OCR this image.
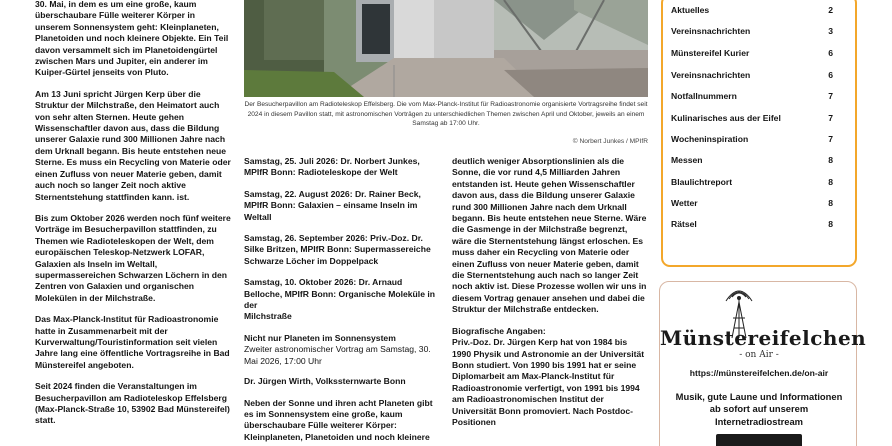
30. Mai, in dem es um eine große, kaum überschaubare Fülle weiterer Körper in unserem Sonnensystem geht: Kleinplaneten, Planetoiden und noch kleinere Objekte. Ein Teil davon versammelt sich im Planetoidengürtel zwischen Mars und Jupiter, ein anderer im Kuiper-Gürtel jenseits von Pluto.

Am 13 Juni spricht Jürgen Kerp über die Struktur der Milchstraße, den Heimatort auch von sehr alten Sternen. Heute gehen Wissenschaftler davon aus, dass die Bildung unserer Galaxie rund 300 Millionen Jahre nach dem Urknall begann. Bis heute entstehen neue Sterne. Es muss ein Recycling von Materie oder einen Zufluss von neuer Materie geben, damit auch noch so langer Zeit noch aktive Sternentstehung stattfinden kann. ist.

Bis zum Oktober 2026 werden noch fünf weitere Vorträge im Besucherpavillon stattfinden, zu Themen wie Radioteleskopen der Welt, dem europäischen Teleskop-Netzwerk LOFAR, Galaxien als Inseln im Weltall, supermassereichen Schwarzen Löchern in den Zentren von Galaxien und organischen Molekülen in der Milchstraße.

Das Max-Planck-Institut für Radioastronomie hatte in Zusammenarbeit mit der Kurverwaltung/Touristinformation seit vielen Jahre lang eine öffentliche Vortragsreihe in Bad Münstereifel angeboten.

Seit 2024 finden die Veranstaltungen im Besucherpavillon am Radioteleskop Effelsberg (Max-Planck-Straße 10, 53902 Bad Münstereifel) statt.

Der Besucherpavillon am Radioteleskop Effelsberg. Die vom Max-Planck-Institut für Radioastronomie organisierte Vortragsreihe findet seit 2024 in diesem Pavillon statt, mit astronomischen Vorträgen zu unterschiedlichen Themen zwischen April und Oktober, jeweils an einem Samstag ab 17:00 Uhr.
© Norbert Junkes / MPIfR
Samstag, 25. Juli 2026: Dr. Norbert Junkes,
MPIfR Bonn: Radioteleskope der Welt
Samstag, 22. August 2026: Dr. Rainer Beck,
MPIfR Bonn: Galaxien – einsame Inseln im Weltall
Samstag, 26. September 2026: Priv.-Doz. Dr.
Silke Britzen, MPIfR Bonn: Supermassereiche Schwarze Löcher im Doppelpack
Samstag, 10. Oktober 2026: Dr. Arnaud Belloche, MPIfR Bonn: Organische Moleküle in der
Milchstraße
Nicht nur Planeten im Sonnensystem
Zweiter astronomischer Vortrag am Samstag, 30. Mai 2026, 17:00 Uhr

Dr. Jürgen Wirth, Volkssternwarte Bonn

Neben der Sonne und ihren acht Planeten gibt es im Sonnensystem eine große, kaum überschaubare Fülle weiterer Körper: Kleinplaneten, Planetoiden und noch kleinere

deutlich weniger Absorptionslinien als die Sonne, die vor rund 4,5 Milliarden Jahren entstanden ist. Heute gehen Wissenschaftler davon aus, dass die Bildung unserer Galaxie rund 300 Millionen Jahre nach dem Urknall begann. Bis heute entstehen neue Sterne. Wäre die Gasmenge in der Milchstraße begrenzt, wäre die Sternentstehung längst erloschen. Es muss daher ein Recycling von Materie oder einen Zufluss von neuer Materie geben, damit die Sternentstehung auch nach so langer Zeit noch aktiv ist. Diese Prozesse wollen wir uns in diesem Vortrag genauer ansehen und dabei die Struktur der Milchstraße entdecken.

Biografische Angaben:
Priv.-Doz. Dr. Jürgen Kerp hat von 1984 bis 1990 Physik und Astronomie an der Universität Bonn studiert. Von 1990 bis 1991 hat er seine Diplomarbeit am Max-Planck-Institut für Radioastronomie verfertigt, von 1991 bis 1994 am Radioastronomischen Institut der Universität Bonn promoviert. Nach Postdoc-Positionen
Aktuelles	2
Vereinsnachrichten	3
Münstereifel Kurier	6
Vereinsnachrichten	6
Notfallnummern	7
Kulinarisches aus der Eifel	7
Wocheninspiration	7
Messen	8
Blaulichtreport	8
Wetter	8
Rätsel	8
Münstereifelchen
- on Air -
https://münstereifelchen.de/on-air
Musik, gute Laune und Informationen ab sofort auf unserem Internetradiostream
